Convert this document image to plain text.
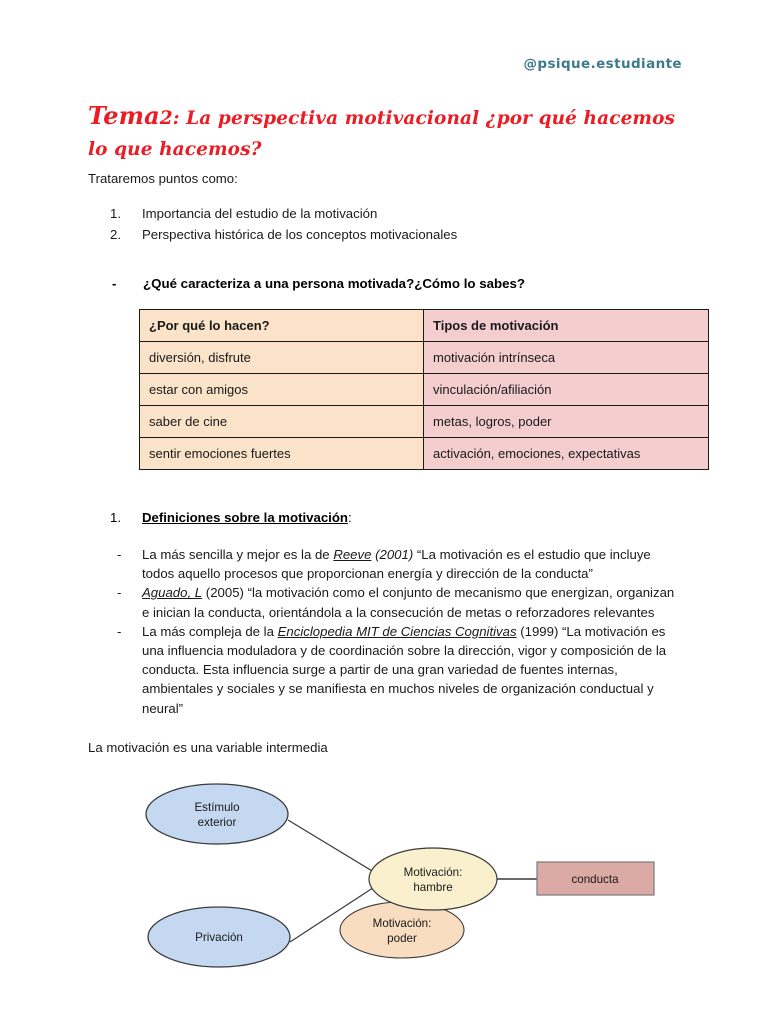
@psique.estudiante
Tema2: La perspectiva motivacional ¿por qué hacemos lo que hacemos?
Trataremos puntos como:
1.	Importancia del estudio de la motivación
2.	Perspectiva histórica de los conceptos motivacionales
-	¿Qué caracteriza a una persona motivada?¿Cómo lo sabes?
¿Por qué lo hacen?	Tipos de motivación
diversión, disfrute	motivación intrínseca
estar con amigos	vinculación/afiliación
saber de cine	metas, logros, poder
sentir emociones fuertes	activación, emociones, expectativas
1.	Definiciones sobre la motivación:
-	La más sencilla y mejor es la de Reeve (2001) “La motivación es el estudio que incluye todos aquello procesos que proporcionan energía y dirección de la conducta”
-	Aguado, L (2005) “la motivación como el conjunto de mecanismo que energizan, organizan e inician la conducta, orientándola a la consecución de metas o reforzadores relevantes
-	La más compleja de la Enciclopedia MIT de Ciencias Cognitivas (1999) “La motivación es una influencia moduladora y de coordinación sobre la dirección, vigor y composición de la conducta. Esta influencia surge a partir de una gran variedad de fuentes internas, ambientales y sociales y se manifiesta en muchos niveles de organización conductual y neural”
La motivación es una variable intermedia
Estímulo
exterior
Privación
Motivación:
poder
Motivación:
hambre
conducta
